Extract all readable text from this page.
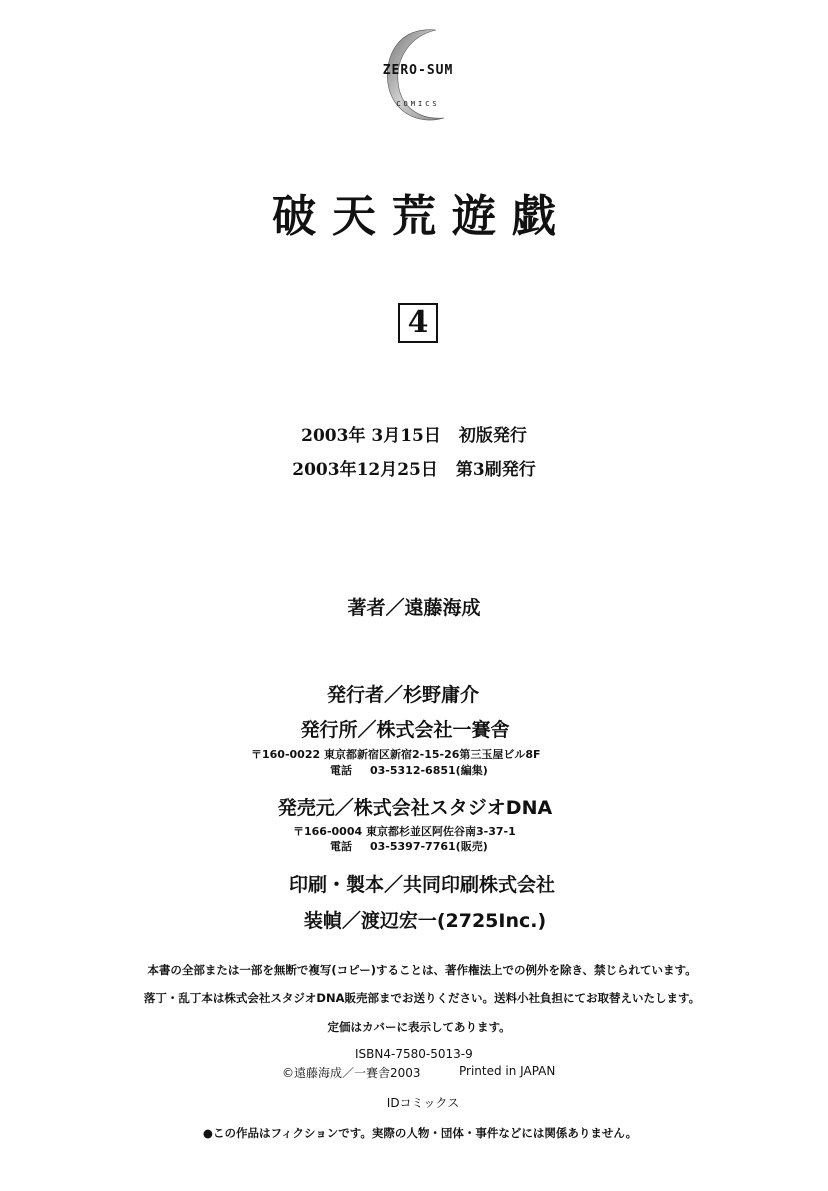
ZERO-SUM
COMICS
破天荒遊戯
4
2003年 3月15日 初版発行
2003年12月25日 第3刷発行
著者／遠藤海成
発行者／杉野庸介
発行所／株式会社一賽舎
〒160-0022 東京都新宿区新宿2-15-26第三玉屋ビル8F
電話 03-5312-6851(編集)
発売元／株式会社スタジオDNA
〒166-0004 東京都杉並区阿佐谷南3-37-1
電話 03-5397-7761(販売)
印刷・製本／共同印刷株式会社
装幀／渡辺宏一(2725Inc.)
本書の全部または一部を無断で複写(コピー)することは、著作権法上での例外を除き、禁じられています。
落丁・乱丁本は株式会社スタジオDNA販売部までお送りください。送料小社負担にてお取替えいたします。
定価はカバーに表示してあります。
ISBN4-7580-5013-9
©遠藤海成／一賽舎2003	Printed in JAPAN
IDコミックス
●この作品はフィクションです。実際の人物・団体・事件などには関係ありません。
